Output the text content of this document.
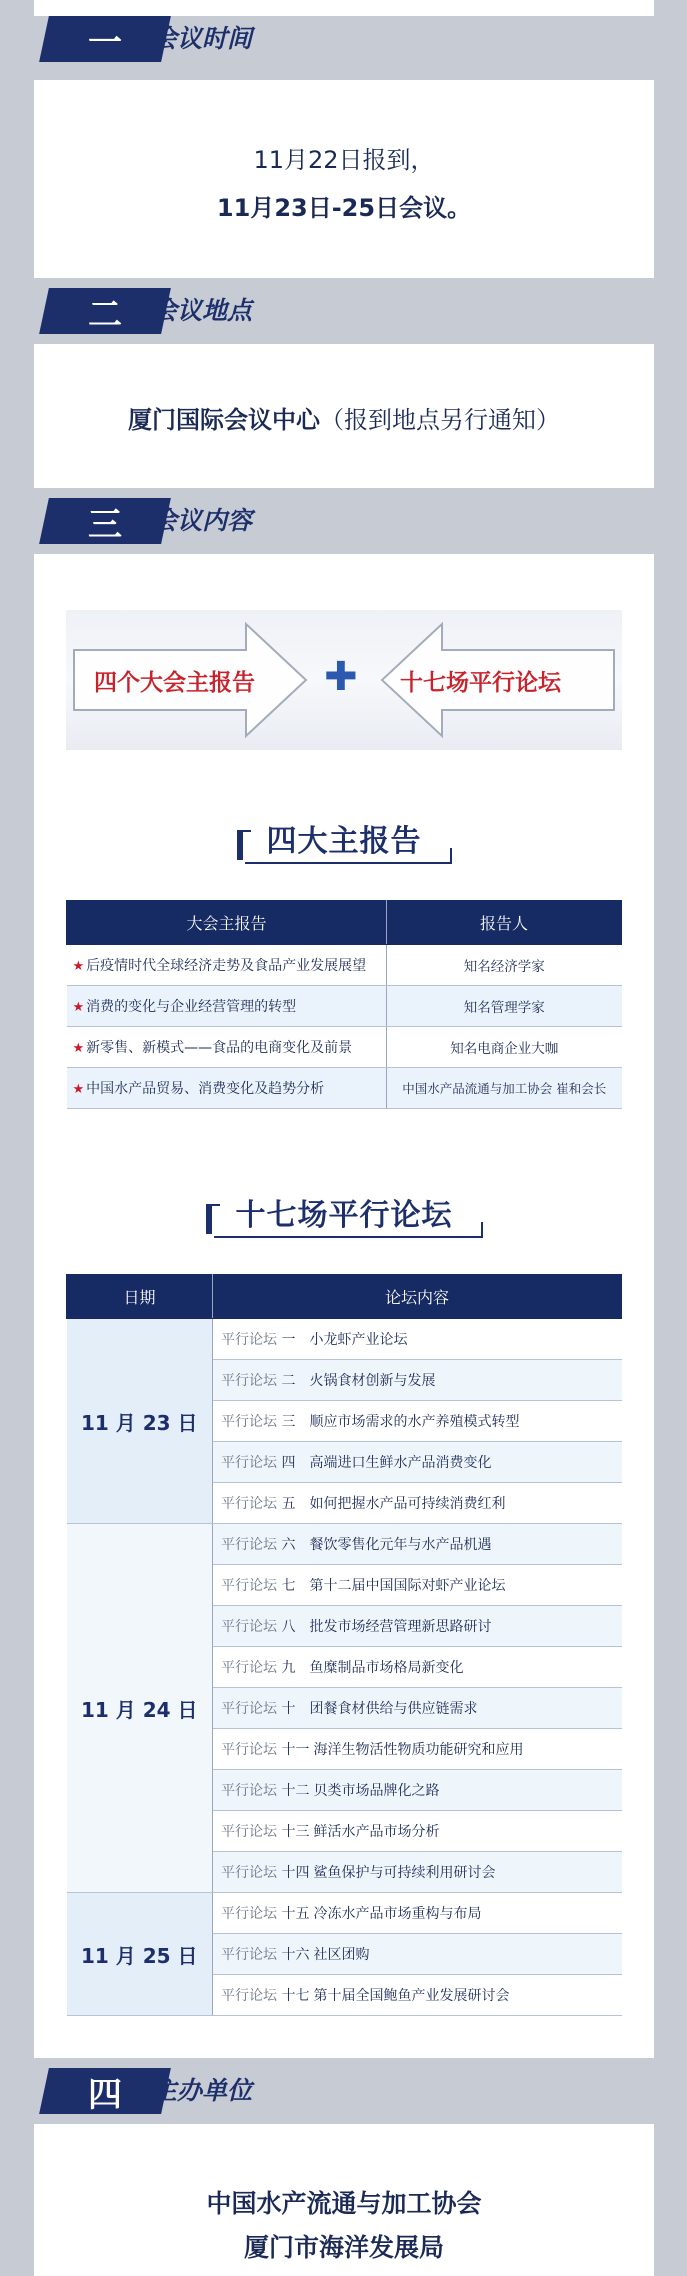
一	会议时间
11月22日报到，
11月23日-25日会议。
二	会议地点
厦门国际会议中心（报到地点另行通知）
三	会议内容
四个大会主报告 ✚ 十七场平行论坛
四大主报告
大会主报告	报告人
★ 后疫情时代全球经济走势及食品产业发展展望	知名经济学家
★ 消费的变化与企业经营管理的转型	知名管理学家
★ 新零售、新模式——食品的电商变化及前景	知名电商企业大咖
★ 中国水产品贸易、消费变化及趋势分析	中国水产品流通与加工协会 崔和会长
十七场平行论坛
日期	论坛内容
11 月 23 日	平行论坛 一 小龙虾产业论坛
	平行论坛 二 火锅食材创新与发展
	平行论坛 三 顺应市场需求的水产养殖模式转型
	平行论坛 四 高端进口生鲜水产品消费变化
	平行论坛 五 如何把握水产品可持续消费红利
11 月 24 日	平行论坛 六 餐饮零售化元年与水产品机遇
	平行论坛 七 第十二届中国国际对虾产业论坛
	平行论坛 八 批发市场经营管理新思路研讨
	平行论坛 九 鱼糜制品市场格局新变化
	平行论坛 十 团餐食材供给与供应链需求
	平行论坛 十一 海洋生物活性物质功能研究和应用
	平行论坛 十二 贝类市场品牌化之路
	平行论坛 十三 鲜活水产品市场分析
	平行论坛 十四 鲨鱼保护与可持续利用研讨会
11 月 25 日	平行论坛 十五 冷冻水产品市场重构与布局
	平行论坛 十六 社区团购
	平行论坛 十七 第十届全国鲍鱼产业发展研讨会
四	主办单位
中国水产流通与加工协会
厦门市海洋发展局
